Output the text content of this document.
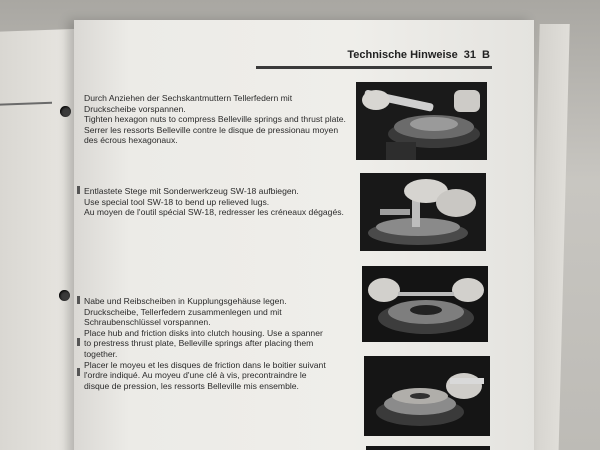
Technische Hinweise 31 B

Durch Anziehen der Sechskantmuttern Tellerfedern mit Druckscheibe vorspannen.

Tighten hexagon nuts to compress Belleville springs and thrust plate.

Serrer les ressorts Belleville contre le disque de pressionau moyen des écrous hexagonaux.

Entlastete Stege mit Sonderwerkzeug SW-18 aufbiegen.

Use special tool SW-18 to bend up relieved lugs.

Au moyen de l'outil spécial SW-18, redresser les créneaux dégagés.

Nabe und Reibscheiben in Kupplungsgehäuse legen. Druckscheibe, Tellerfedern zusammenlegen und mit Schraubenschlüssel vorspannen.

Place hub and friction disks into clutch housing. Use a spanner to prestress thrust plate, Belleville springs after placing them together.

Placer le moyeu et les disques de friction dans le boitier suivant l'ordre indiqué. Au moyeu d'une clé à vis, precontraindre le disque de pression, les ressorts Belleville mis ensemble.
